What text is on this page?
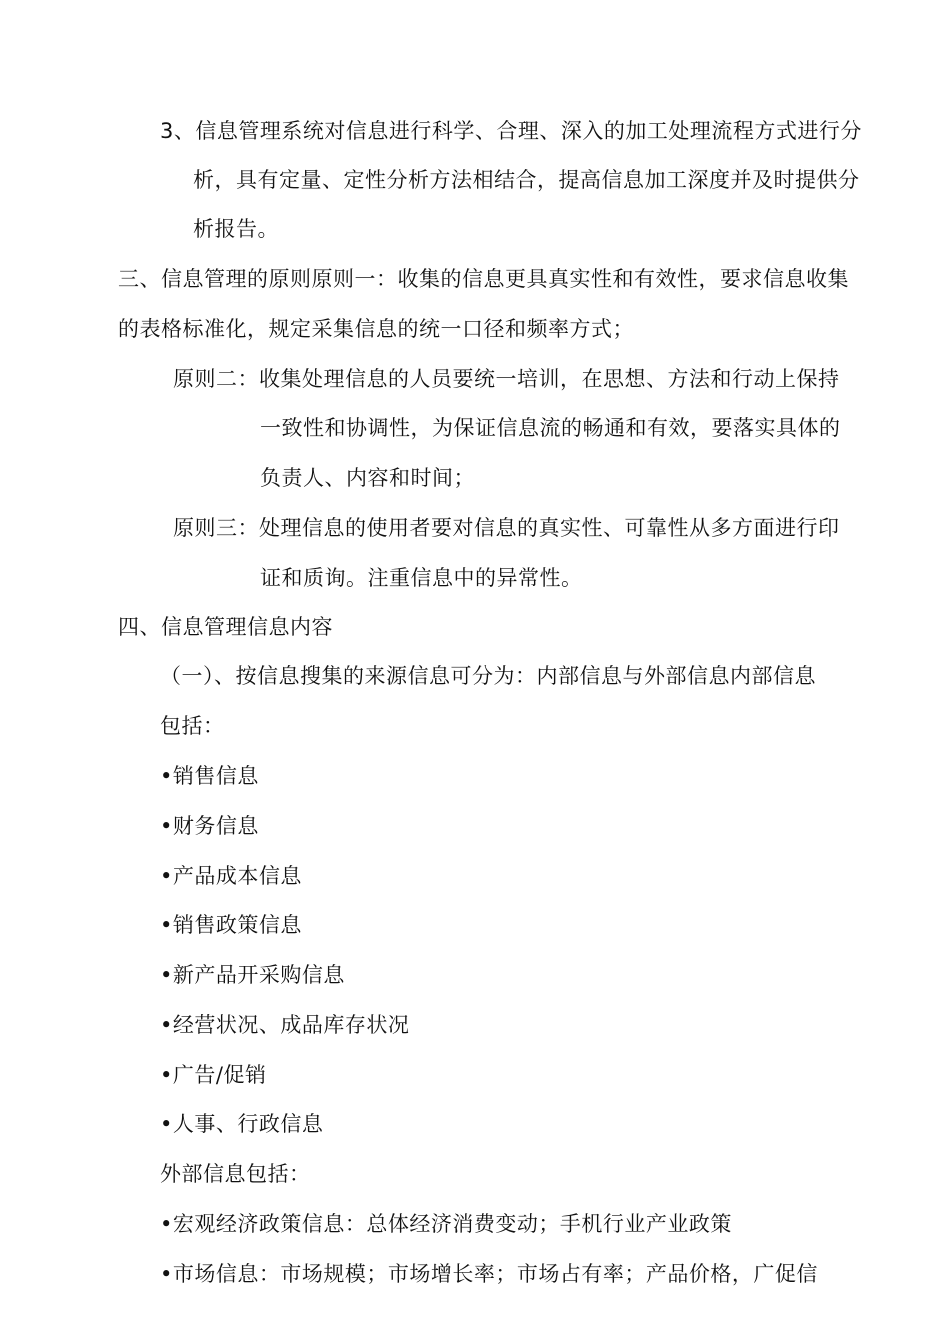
3、信息管理系统对信息进行科学、合理、深入的加工处理流程方式进行分
析，具有定量、定性分析方法相结合，提高信息加工深度并及时提供分
析报告。
三、信息管理的原则原则一：收集的信息更具真实性和有效性，要求信息收集
的表格标准化，规定采集信息的统一口径和频率方式；
原则二：收集处理信息的人员要统一培训，在思想、方法和行动上保持
一致性和协调性，为保证信息流的畅通和有效，要落实具体的
负责人、内容和时间；
原则三：处理信息的使用者要对信息的真实性、可靠性从多方面进行印
证和质询。注重信息中的异常性。
四、信息管理信息内容
（一）、按信息搜集的来源信息可分为：内部信息与外部信息内部信息
包括：
•销售信息
•财务信息
•产品成本信息
•销售政策信息
•新产品开采购信息
•经营状况、成品库存状况
•广告/促销
•人事、行政信息
外部信息包括：
•宏观经济政策信息：总体经济消费变动；手机行业产业政策
•市场信息：市场规模；市场增长率；市场占有率；产品价格，广促信
